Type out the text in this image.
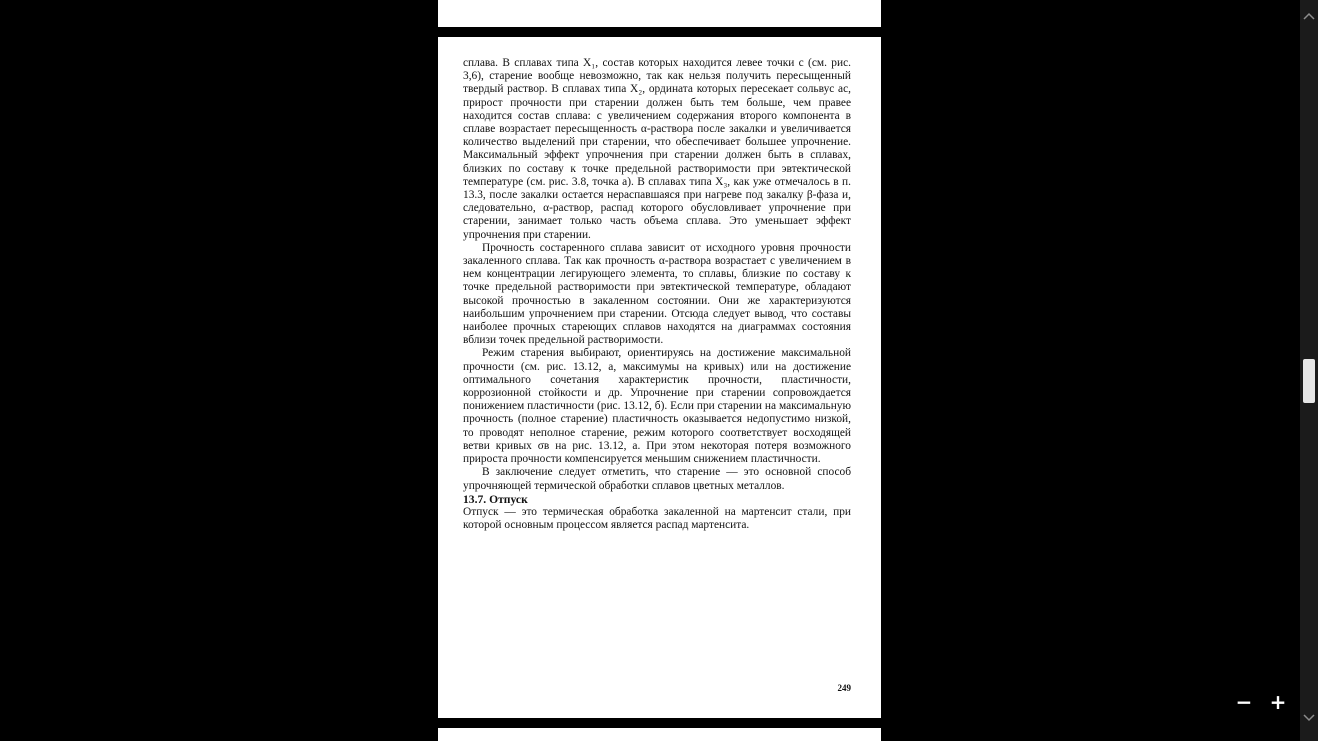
сплава. В сплавах типа X₁, состав которых находится левее точки c (см. рис. 3,6), старение вообще невозможно, так как нельзя получить пересыщенный твердый раствор. В сплавах типа X₂, ордината которых пересекает сольвус ac, прирост прочности при старении должен быть тем больше, чем правее находится состав сплава: с увеличением содержания второго компонента в сплаве возрастает пересыщенность α-раствора после закалки и увеличивается количество выделений при старении, что обеспечивает большее упрочнение. Максимальный эффект упрочнения при старении должен быть в сплавах, близких по составу к точке предельной растворимости при эвтектической температуре (см. рис. 3.8, точка a). В сплавах типа X₃, как уже отмечалось в п. 13.3, после закалки остается нераспавшаяся при нагреве под закалку β-фаза и, следовательно, α-раствор, распад которого обусловливает упрочнение при старении, занимает только часть объема сплава. Это уменьшает эффект упрочнения при старении.

Прочность состаренного сплава зависит от исходного уровня прочности закаленного сплава. Так как прочность α-раствора возрастает с увеличением в нем концентрации легирующего элемента, то сплавы, близкие по составу к точке предельной растворимости при эвтектической температуре, обладают высокой прочностью в закаленном состоянии. Они же характеризуются наибольшим упрочнением при старении. Отсюда следует вывод, что составы наиболее прочных стареющих сплавов находятся на диаграммах состояния вблизи точек предельной растворимости.

Режим старения выбирают, ориентируясь на достижение максимальной прочности (см. рис. 13.12, a, максимумы на кривых) или на достижение оптимального сочетания характеристик прочности, пластичности, коррозионной стойкости и др. Упрочнение при старении сопровождается понижением пластичности (рис. 13.12, б). Если при старении на максимальную прочность (полное старение) пластичность оказывается недопустимо низкой, то проводят неполное старение, режим которого соответствует восходящей ветви кривых σв на рис. 13.12, a. При этом некоторая потеря возможного прироста прочности компенсируется меньшим снижением пластичности.

В заключение следует отметить, что старение — это основной способ упрочняющей термической обработки сплавов цветных металлов.

13.7. Отпуск

Отпуск — это термическая обработка закаленной на мартенсит стали, при которой основным процессом является распад мартенсита.

249
− +
